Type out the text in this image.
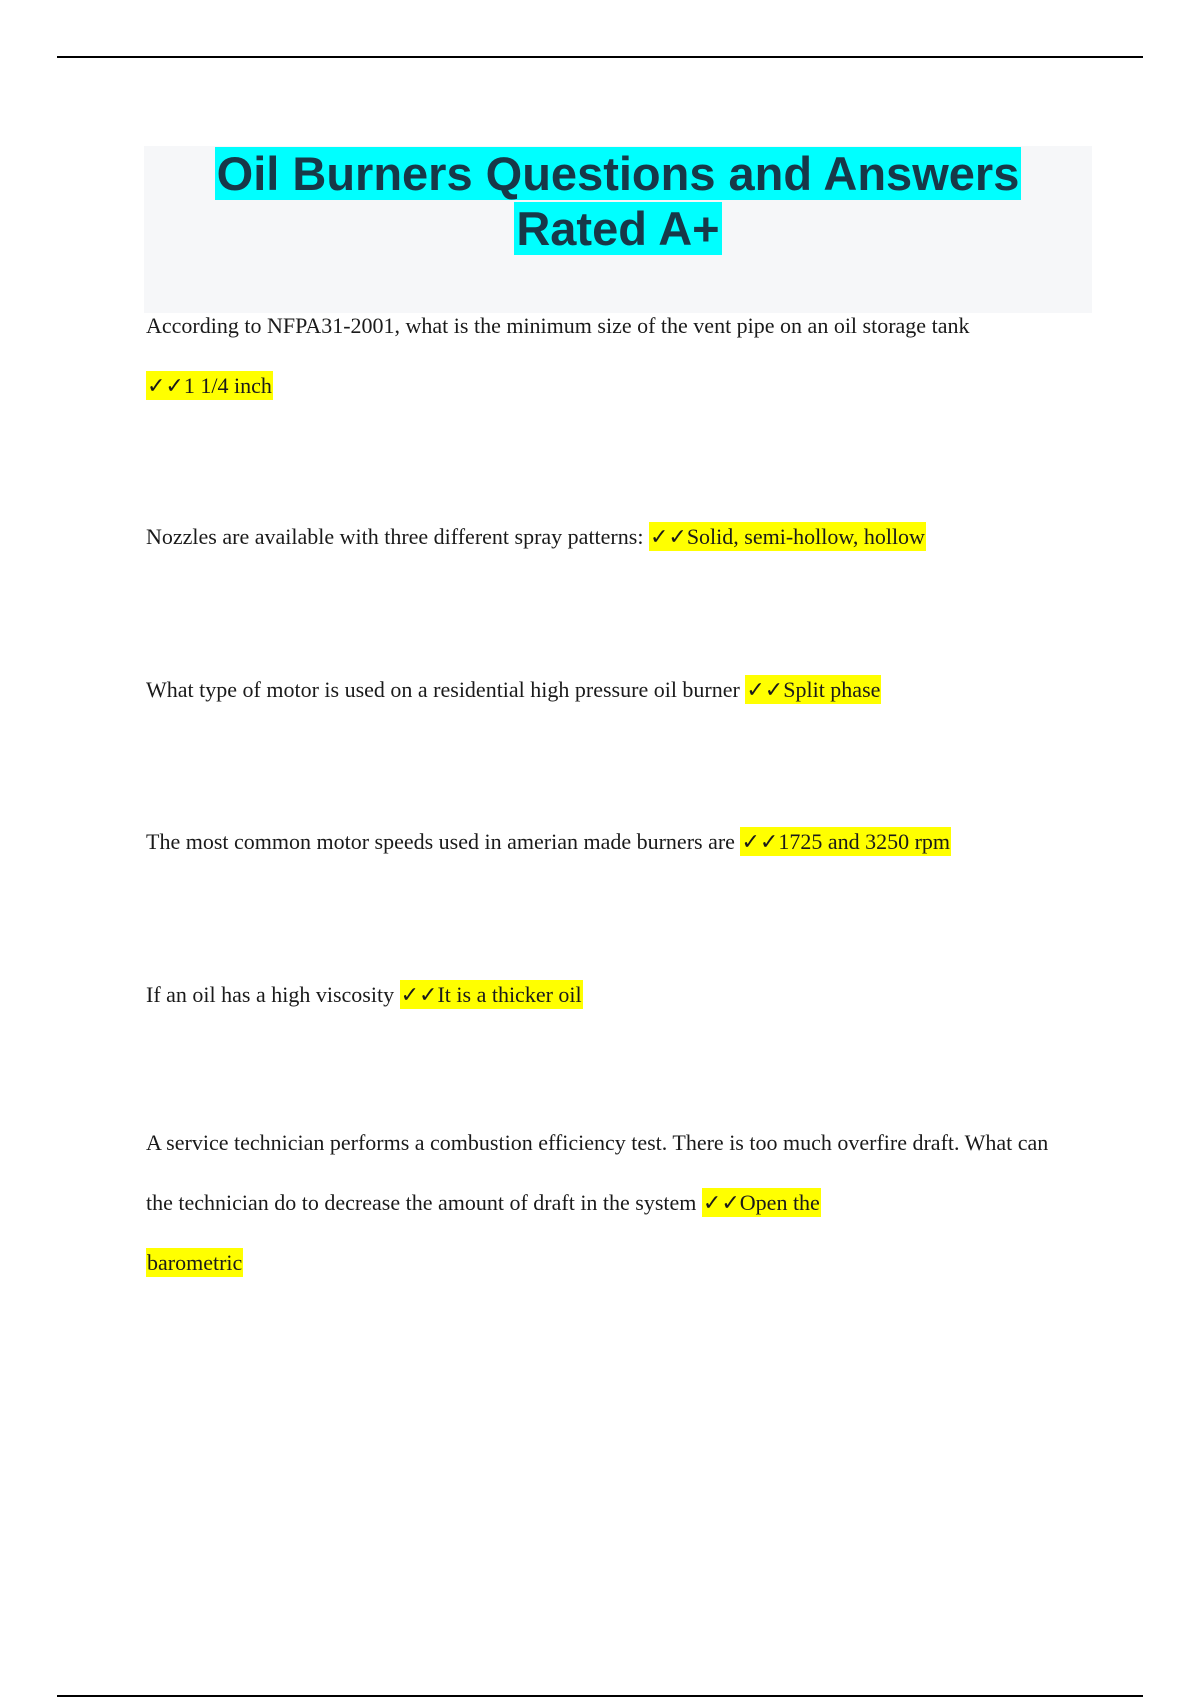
Oil Burners Questions and Answers
Rated A+

According to NFPA31-2001, what is the minimum size of the vent pipe on an oil storage tank
✓✓1 1/4 inch

Nozzles are available with three different spray patterns: ✓✓Solid, semi-hollow, hollow

What type of motor is used on a residential high pressure oil burner ✓✓Split phase

The most common motor speeds used in amerian made burners are ✓✓1725 and 3250 rpm

If an oil has a high viscosity ✓✓It is a thicker oil

A service technician performs a combustion efficiency test. There is too much overfire draft. What can the technician do to decrease the amount of draft in the system ✓✓Open the
barometric
